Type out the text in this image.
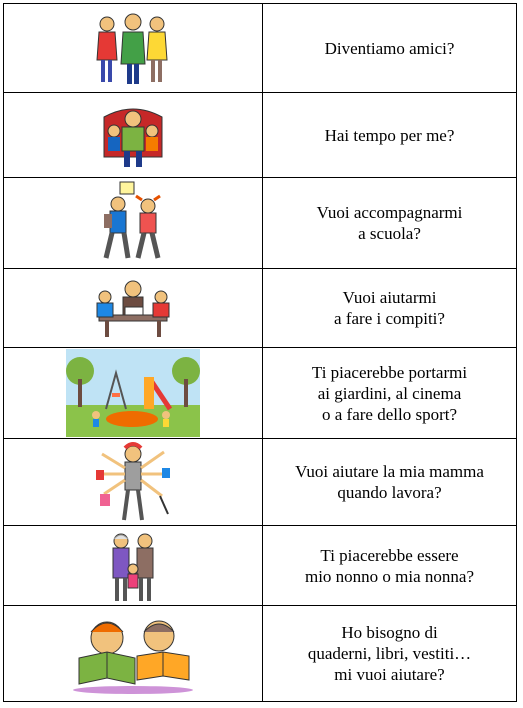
Diventiamo amici?

Hai tempo per me?

Vuoi accompagnarmi
a scuola?

Vuoi aiutarmi
a fare i compiti?

Ti piacerebbe portarmi
ai giardini, al cinema
o a fare dello sport?

Vuoi aiutare la mia mamma
quando lavora?

Ti piacerebbe essere
mio nonno o mia nonna?

Ho bisogno di
quaderni, libri, vestiti…
mi vuoi aiutare?
